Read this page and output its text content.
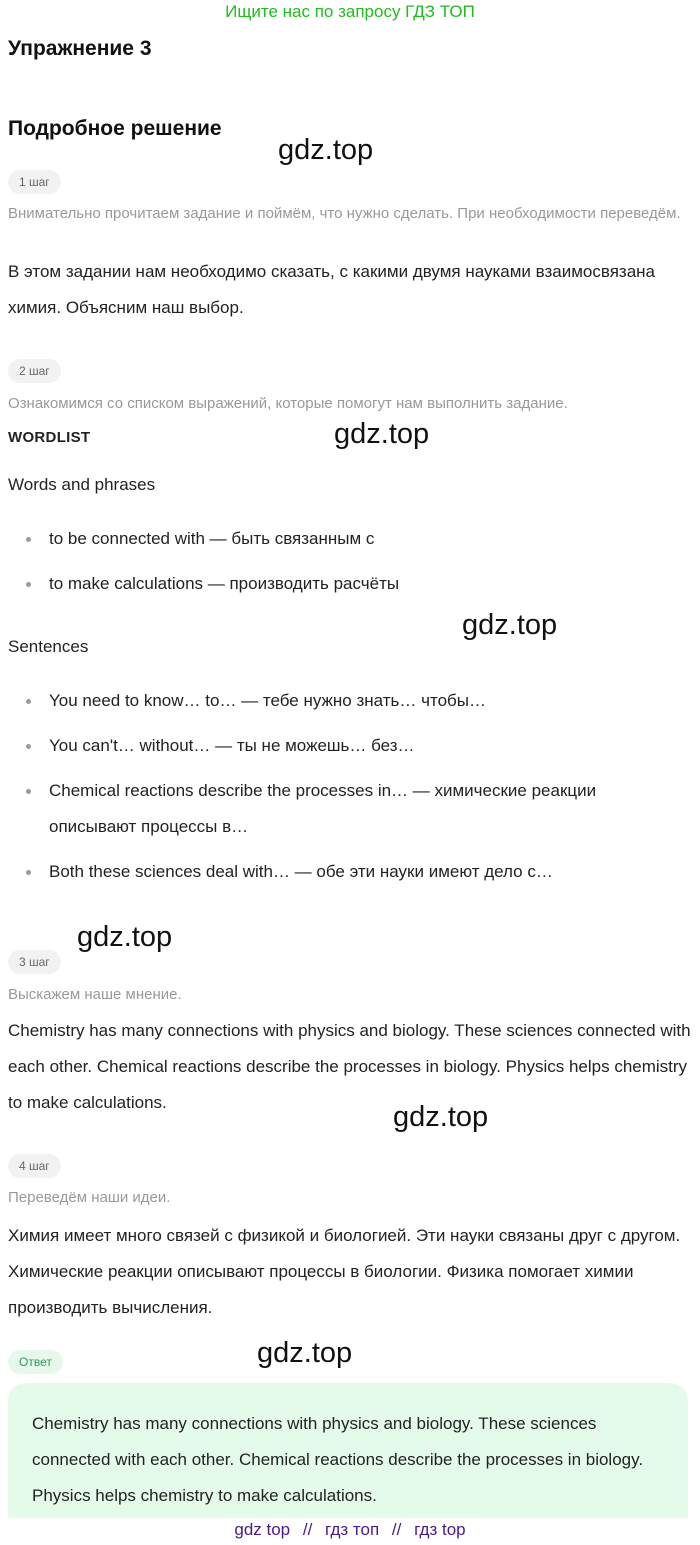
Ищите нас по запросу ГДЗ ТОП
Упражнение 3
Подробное решение
gdz.top
gdz.top
gdz.top
gdz.top
gdz.top
gdz.top
1 шаг
Внимательно прочитаем задание и поймём, что нужно сделать. При необходимости переведём.
В этом задании нам необходимо сказать, с какими двумя науками взаимосвязана химия. Объясним наш выбор.
2 шаг
Ознакомимся со списком выражений, которые помогут нам выполнить задание.
WORDLIST
Words and phrases
to be connected with — быть связанным с
to make calculations — производить расчёты
Sentences
You need to know… to… — тебе нужно знать… чтобы…
You can't… without… — ты не можешь… без…
Chemical reactions describe the processes in… — химические реакции описывают процессы в…
Both these sciences deal with… — обе эти науки имеют дело с…
3 шаг
Выскажем наше мнение.
Chemistry has many connections with physics and biology. These sciences connected with each other. Chemical reactions describe the processes in biology. Physics helps chemistry to make calculations.
4 шаг
Переведём наши идеи.
Химия имеет много связей с физикой и биологией. Эти науки связаны друг с другом. Химические реакции описывают процессы в биологии. Физика помогает химии производить вычисления.
Ответ
Chemistry has many connections with physics and biology. These sciences connected with each other. Chemical reactions describe the processes in biology. Physics helps chemistry to make calculations.
gdz top // гдз топ // гдз top
